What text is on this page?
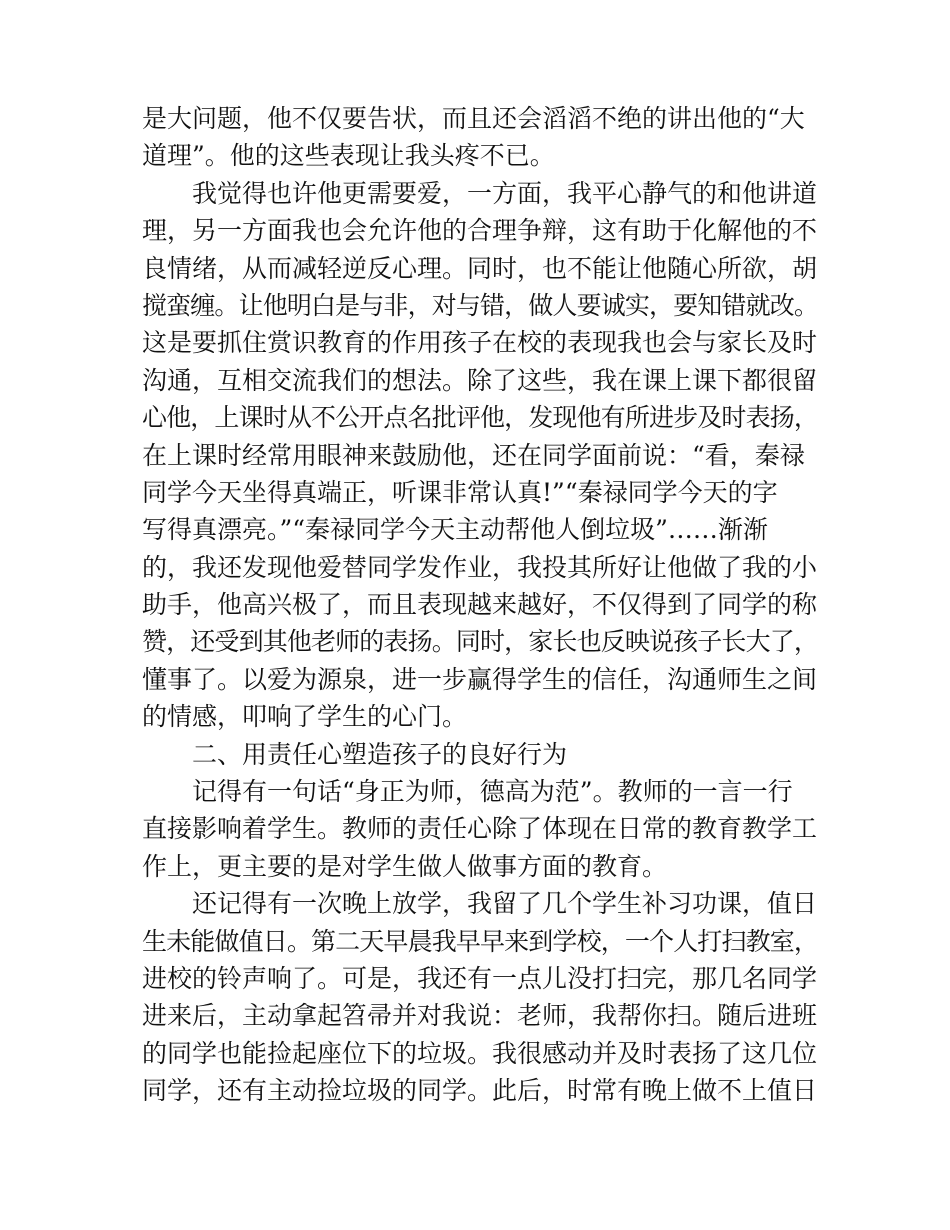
是大问题，他不仅要告状，而且还会滔滔不绝的讲出他的“大
道理”。他的这些表现让我头疼不已。
我觉得也许他更需要爱，一方面，我平心静气的和他讲道
理，另一方面我也会允许他的合理争辩，这有助于化解他的不
良情绪，从而减轻逆反心理。同时，也不能让他随心所欲，胡
搅蛮缠。让他明白是与非，对与错，做人要诚实，要知错就改。
这是要抓住赏识教育的作用孩子在校的表现我也会与家长及时
沟通，互相交流我们的想法。除了这些，我在课上课下都很留
心他，上课时从不公开点名批评他，发现他有所进步及时表扬，
在上课时经常用眼神来鼓励他，还在同学面前说：“看，秦禄
同学今天坐得真端正，听课非常认真!”“秦禄同学今天的字
写得真漂亮。”“秦禄同学今天主动帮他人倒垃圾”……渐渐
的，我还发现他爱替同学发作业，我投其所好让他做了我的小
助手，他高兴极了，而且表现越来越好，不仅得到了同学的称
赞，还受到其他老师的表扬。同时，家长也反映说孩子长大了，
懂事了。以爱为源泉，进一步赢得学生的信任，沟通师生之间
的情感，叩响了学生的心门。
二、用责任心塑造孩子的良好行为
记得有一句话“身正为师，德高为范”。教师的一言一行
直接影响着学生。教师的责任心除了体现在日常的教育教学工
作上，更主要的是对学生做人做事方面的教育。
还记得有一次晚上放学，我留了几个学生补习功课，值日
生未能做值日。第二天早晨我早早来到学校，一个人打扫教室，
进校的铃声响了。可是，我还有一点儿没打扫完，那几名同学
进来后，主动拿起笤帚并对我说：老师，我帮你扫。随后进班
的同学也能捡起座位下的垃圾。我很感动并及时表扬了这几位
同学，还有主动捡垃圾的同学。此后，时常有晚上做不上值日
